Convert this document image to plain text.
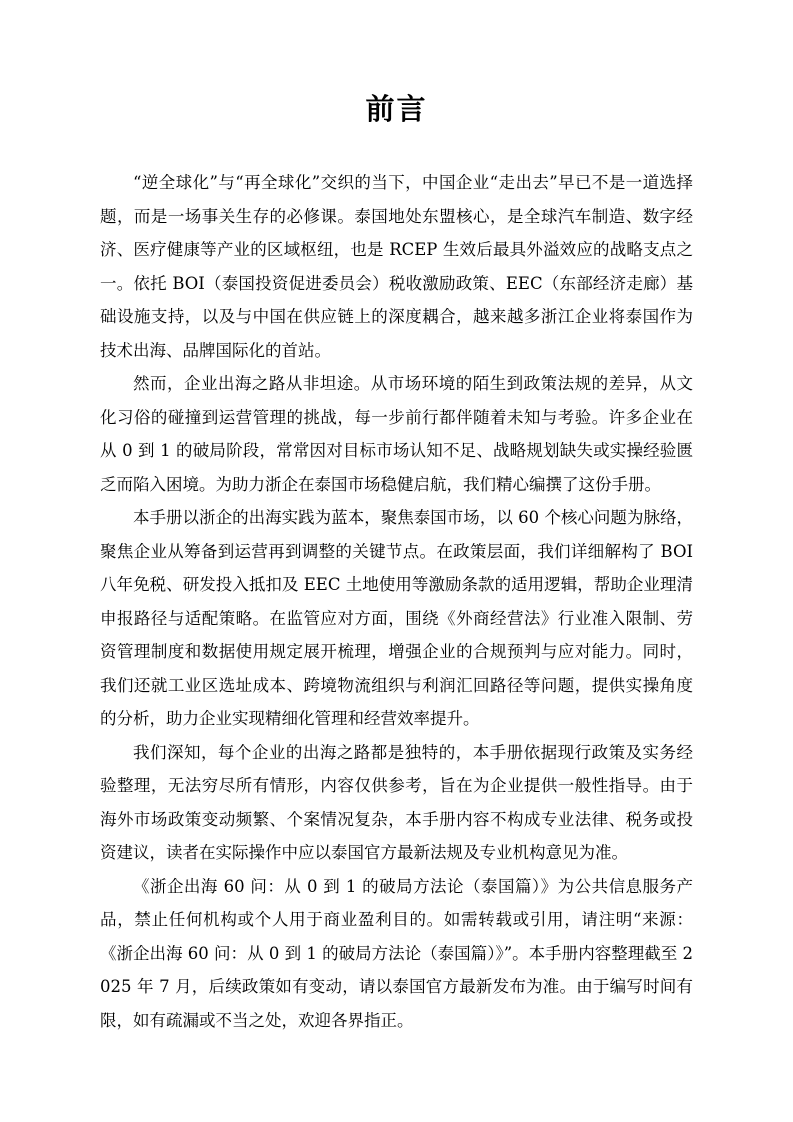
前言

“逆全球化”与“再全球化”交织的当下，中国企业“走出去”早已不是一道选择题，而是一场事关生存的必修课。泰国地处东盟核心，是全球汽车制造、数字经济、医疗健康等产业的区域枢纽，也是 RCEP 生效后最具外溢效应的战略支点之一。依托 BOI（泰国投资促进委员会）税收激励政策、EEC（东部经济走廊）基础设施支持，以及与中国在供应链上的深度耦合，越来越多浙江企业将泰国作为技术出海、品牌国际化的首站。

然而，企业出海之路从非坦途。从市场环境的陌生到政策法规的差异，从文化习俗的碰撞到运营管理的挑战，每一步前行都伴随着未知与考验。许多企业在从 0 到 1 的破局阶段，常常因对目标市场认知不足、战略规划缺失或实操经验匮乏而陷入困境。为助力浙企在泰国市场稳健启航，我们精心编撰了这份手册。

本手册以浙企的出海实践为蓝本，聚焦泰国市场，以 60 个核心问题为脉络，聚焦企业从筹备到运营再到调整的关键节点。在政策层面，我们详细解构了 BOI 八年免税、研发投入抵扣及 EEC 土地使用等激励条款的适用逻辑，帮助企业理清申报路径与适配策略。在监管应对方面，围绕《外商经营法》行业准入限制、劳资管理制度和数据使用规定展开梳理，增强企业的合规预判与应对能力。同时，我们还就工业区选址成本、跨境物流组织与利润汇回路径等问题，提供实操角度的分析，助力企业实现精细化管理和经营效率提升。

我们深知，每个企业的出海之路都是独特的，本手册依据现行政策及实务经验整理，无法穷尽所有情形，内容仅供参考，旨在为企业提供一般性指导。由于海外市场政策变动频繁、个案情况复杂，本手册内容不构成专业法律、税务或投资建议，读者在实际操作中应以泰国官方最新法规及专业机构意见为准。

《浙企出海 60 问：从 0 到 1 的破局方法论（泰国篇）》为公共信息服务产品，禁止任何机构或个人用于商业盈利目的。如需转载或引用，请注明“来源：《浙企出海 60 问：从 0 到 1 的破局方法论（泰国篇）》”。本手册内容整理截至 2025 年 7 月，后续政策如有变动，请以泰国官方最新发布为准。由于编写时间有限，如有疏漏或不当之处，欢迎各界指正。
